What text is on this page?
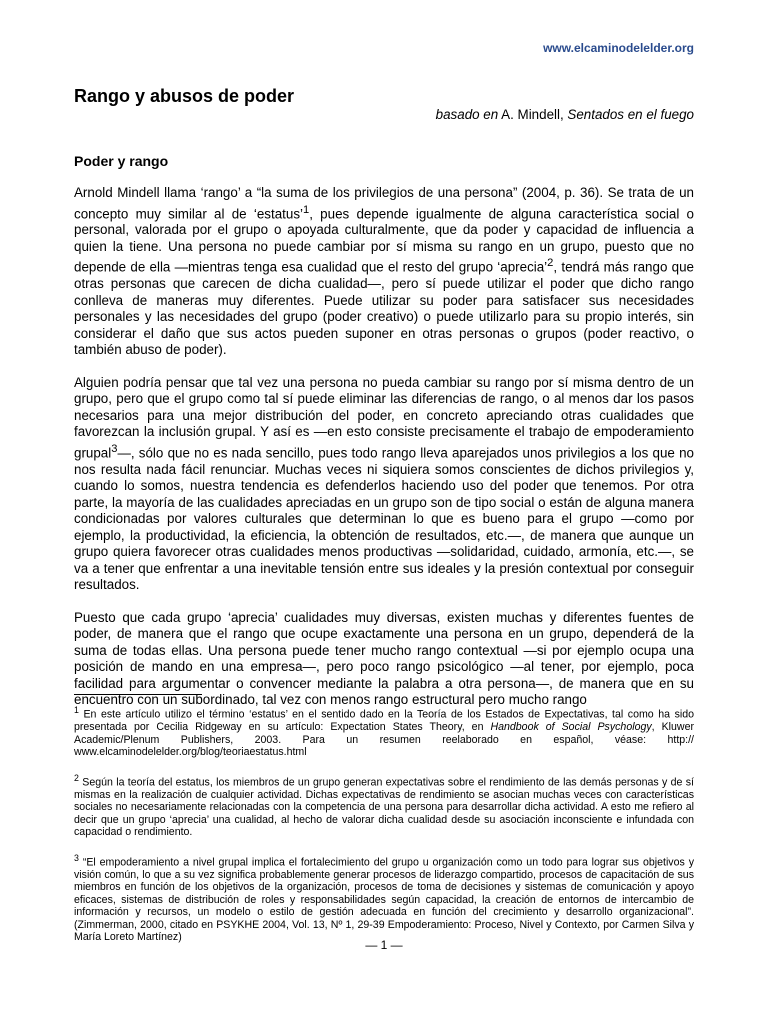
www.elcaminodelelder.org
Rango y abusos de poder

basado en A. Mindell, Sentados en el fuego

Poder y rango

Arnold Mindell llama ‘rango’ a “la suma de los privilegios de una persona” (2004, p. 36). Se trata de un concepto muy similar al de ‘estatus’$^1$, pues depende igualmente de alguna característica social o personal, valorada por el grupo o apoyada culturalmente, que da poder y capacidad de influencia a quien la tiene. Una persona no puede cambiar por sí misma su rango en un grupo, puesto que no depende de ella —mientras tenga esa cualidad que el resto del grupo ‘aprecia’$^2$, tendrá más rango que otras personas que carecen de dicha cualidad—, pero sí puede utilizar el poder que dicho rango conlleva de maneras muy diferentes. Puede utilizar su poder para satisfacer sus necesidades personales y las necesidades del grupo (poder creativo) o puede utilizarlo para su propio interés, sin considerar el daño que sus actos pueden suponer en otras personas o grupos (poder reactivo, o también abuso de poder).

Alguien podría pensar que tal vez una persona no pueda cambiar su rango por sí misma dentro de un grupo, pero que el grupo como tal sí puede eliminar las diferencias de rango, o al menos dar los pasos necesarios para una mejor distribución del poder, en concreto apreciando otras cualidades que favorezcan la inclusión grupal. Y así es —en esto consiste precisamente el trabajo de empoderamiento grupal$^3$—, sólo que no es nada sencillo, pues todo rango lleva aparejados unos privilegios a los que no nos resulta nada fácil renunciar. Muchas veces ni siquiera somos conscientes de dichos privilegios y, cuando lo somos, nuestra tendencia es defenderlos haciendo uso del poder que tenemos. Por otra parte, la mayoría de las cualidades apreciadas en un grupo son de tipo social o están de alguna manera condicionadas por valores culturales que determinan lo que es bueno para el grupo —como por ejemplo, la productividad, la eficiencia, la obtención de resultados, etc.—, de manera que aunque un grupo quiera favorecer otras cualidades menos productivas —solidaridad, cuidado, armonía, etc.—, se va a tener que enfrentar a una inevitable tensión entre sus ideales y la presión contextual por conseguir resultados.

Puesto que cada grupo ‘aprecia’ cualidades muy diversas, existen muchas y diferentes fuentes de poder, de manera que el rango que ocupe exactamente una persona en un grupo, dependerá de la suma de todas ellas. Una persona puede tener mucho rango contextual —si por ejemplo ocupa una posición de mando en una empresa—, pero poco rango psicológico —al tener, por ejemplo, poca facilidad para argumentar o convencer mediante la palabra a otra persona—, de manera que en su encuentro con un subordinado, tal vez con menos rango estructural pero mucho rango

$^1$ En este artículo utilizo el término ‘estatus’ en el sentido dado en la Teoría de los Estados de Expectativas, tal como ha sido presentada por Cecilia Ridgeway en su artículo: Expectation States Theory, en Handbook of Social Psychology, Kluwer Academic/Plenum Publishers, 2003. Para un resumen reelaborado en español, véase: http:// www.elcaminodelelder.org/blog/teoriaestatus.html

$^2$ Según la teoría del estatus, los miembros de un grupo generan expectativas sobre el rendimiento de las demás personas y de sí mismas en la realización de cualquier actividad. Dichas expectativas de rendimiento se asocian muchas veces con características sociales no necesariamente relacionadas con la competencia de una persona para desarrollar dicha actividad. A esto me refiero al decir que un grupo ‘aprecia’ una cualidad, al hecho de valorar dicha cualidad desde su asociación inconsciente e infundada con capacidad o rendimiento.

$^3$ “El empoderamiento a nivel grupal implica el fortalecimiento del grupo u organización como un todo para lograr sus objetivos y visión común, lo que a su vez significa probablemente generar procesos de liderazgo compartido, procesos de capacitación de sus miembros en función de los objetivos de la organización, procesos de toma de decisiones y sistemas de comunicación y apoyo eficaces, sistemas de distribución de roles y responsabilidades según capacidad, la creación de entornos de intercambio de información y recursos, un modelo o estilo de gestión adecuada en función del crecimiento y desarrollo organizacional”. (Zimmerman, 2000, citado en PSYKHE 2004, Vol. 13, Nº 1, 29-39 Empoderamiento: Proceso, Nivel y Contexto, por Carmen Silva y María Loreto Martínez)

— 1 —
